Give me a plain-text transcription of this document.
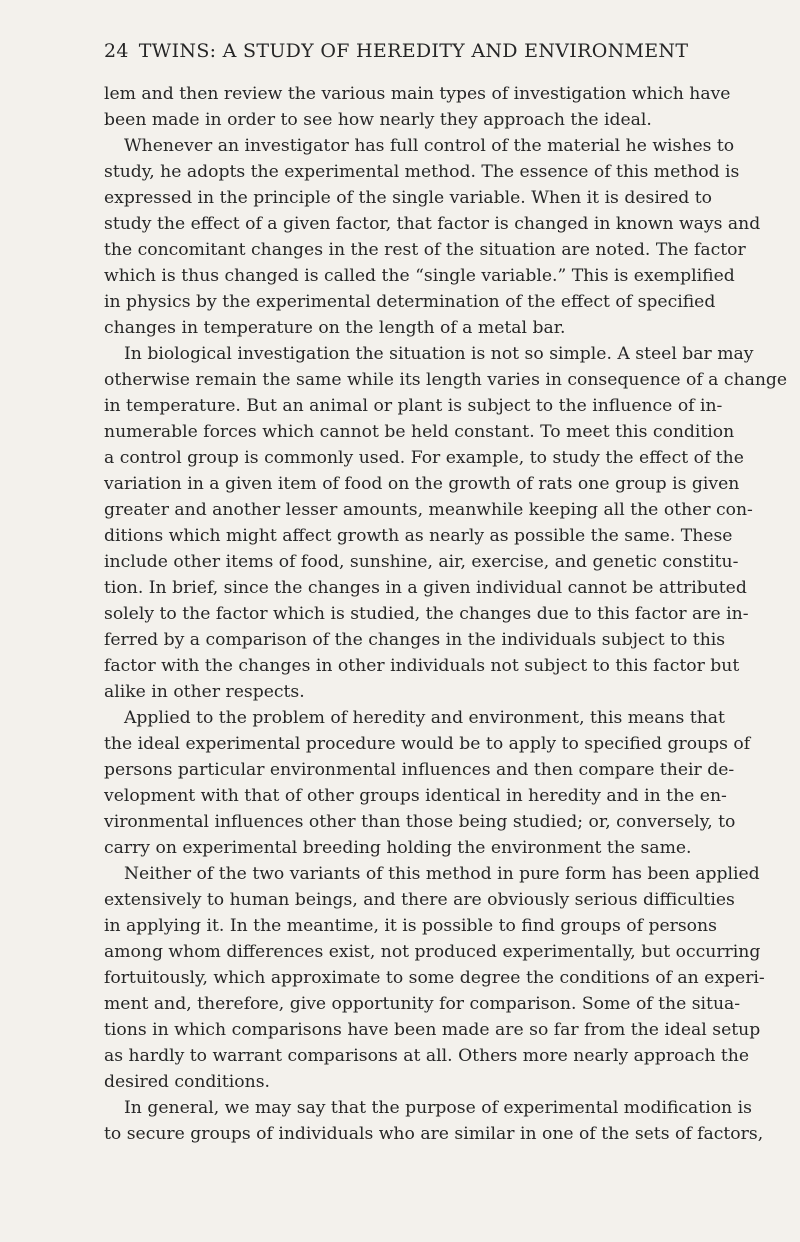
24 TWINS: A STUDY OF HEREDITY AND ENVIRONMENT
lem and then review the various main types of investigation which have
been made in order to see how nearly they approach the ideal.
Whenever an investigator has full control of the material he wishes to
study, he adopts the experimental method. The essence of this method is
expressed in the principle of the single variable. When it is desired to
study the effect of a given factor, that factor is changed in known ways and
the concomitant changes in the rest of the situation are noted. The factor
which is thus changed is called the “single variable.” This is exemplified
in physics by the experimental determination of the effect of specified
changes in temperature on the length of a metal bar.
In biological investigation the situation is not so simple. A steel bar may
otherwise remain the same while its length varies in consequence of a change
in temperature. But an animal or plant is subject to the influence of in-
numerable forces which cannot be held constant. To meet this condition
a control group is commonly used. For example, to study the effect of the
variation in a given item of food on the growth of rats one group is given
greater and another lesser amounts, meanwhile keeping all the other con-
ditions which might affect growth as nearly as possible the same. These
include other items of food, sunshine, air, exercise, and genetic constitu-
tion. In brief, since the changes in a given individual cannot be attributed
solely to the factor which is studied, the changes due to this factor are in-
ferred by a comparison of the changes in the individuals subject to this
factor with the changes in other individuals not subject to this factor but
alike in other respects.
Applied to the problem of heredity and environment, this means that
the ideal experimental procedure would be to apply to specified groups of
persons particular environmental influences and then compare their de-
velopment with that of other groups identical in heredity and in the en-
vironmental influences other than those being studied; or, conversely, to
carry on experimental breeding holding the environment the same.
Neither of the two variants of this method in pure form has been applied
extensively to human beings, and there are obviously serious difficulties
in applying it. In the meantime, it is possible to find groups of persons
among whom differences exist, not produced experimentally, but occurring
fortuitously, which approximate to some degree the conditions of an experi-
ment and, therefore, give opportunity for comparison. Some of the situa-
tions in which comparisons have been made are so far from the ideal setup
as hardly to warrant comparisons at all. Others more nearly approach the
desired conditions.
In general, we may say that the purpose of experimental modification is
to secure groups of individuals who are similar in one of the sets of factors,
